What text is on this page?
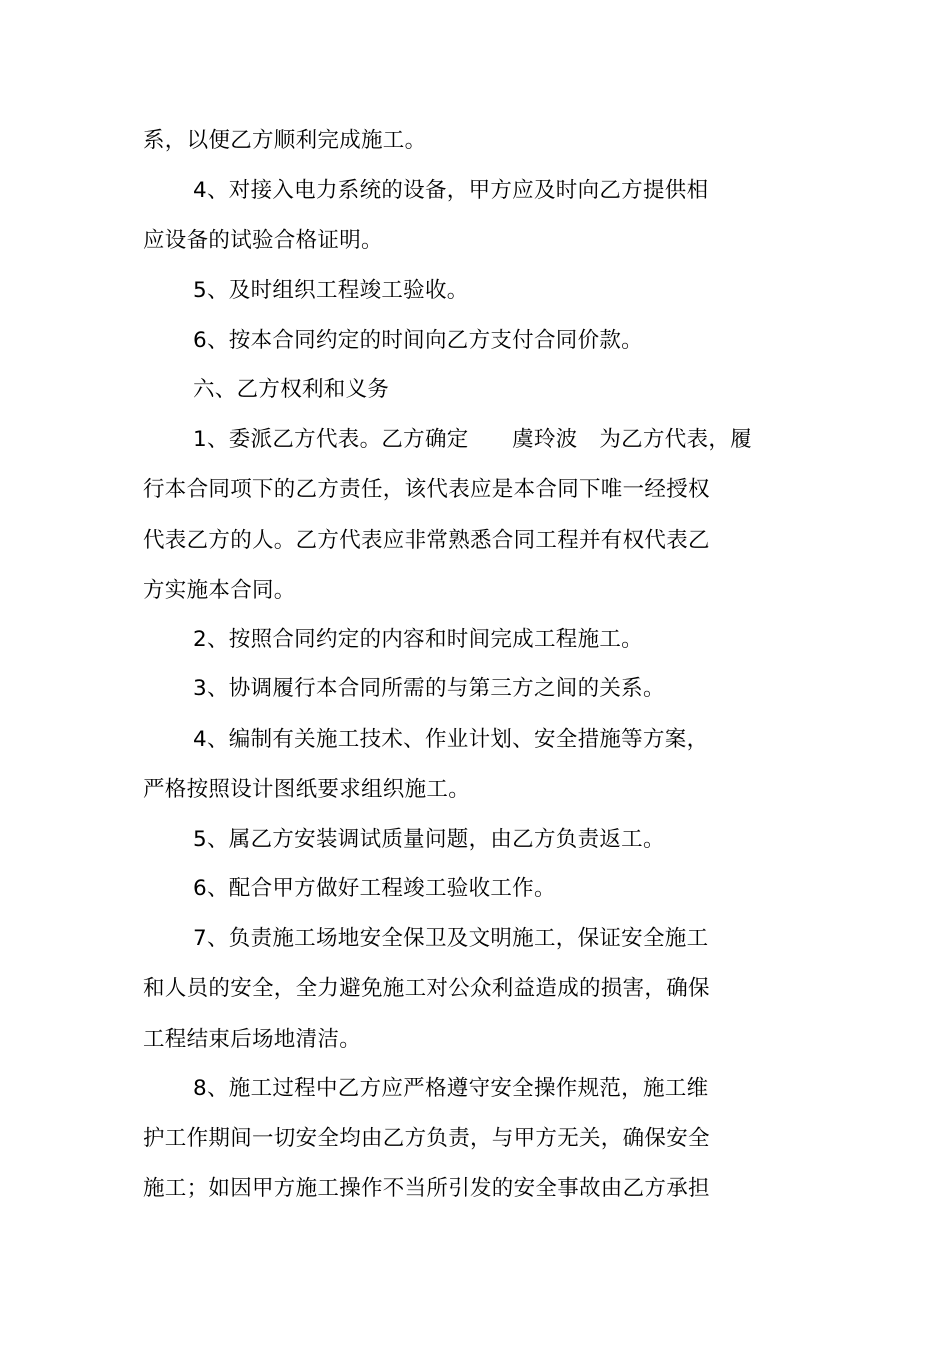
系，以便乙方顺利完成施工。
4、对接入电力系统的设备，甲方应及时向乙方提供相
应设备的试验合格证明。
5、及时组织工程竣工验收。
6、按本合同约定的时间向乙方支付合同价款。
六、乙方权利和义务
1、委派乙方代表。乙方确定　　虞玲波　为乙方代表，履
行本合同项下的乙方责任，该代表应是本合同下唯一经授权
代表乙方的人。乙方代表应非常熟悉合同工程并有权代表乙
方实施本合同。
2、按照合同约定的内容和时间完成工程施工。
3、协调履行本合同所需的与第三方之间的关系。
4、编制有关施工技术、作业计划、安全措施等方案，
严格按照设计图纸要求组织施工。
5、属乙方安装调试质量问题，由乙方负责返工。
6、配合甲方做好工程竣工验收工作。
7、负责施工场地安全保卫及文明施工，保证安全施工
和人员的安全，全力避免施工对公众利益造成的损害，确保
工程结束后场地清洁。
8、施工过程中乙方应严格遵守安全操作规范，施工维
护工作期间一切安全均由乙方负责，与甲方无关，确保安全
施工；如因甲方施工操作不当所引发的安全事故由乙方承担
